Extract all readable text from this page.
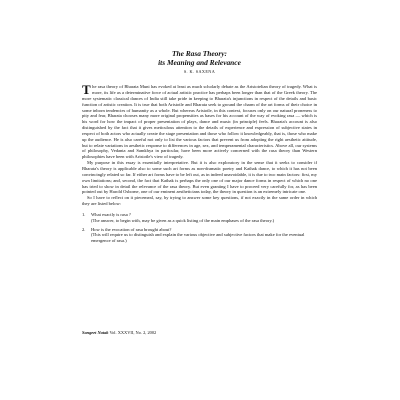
The Rasa Theory:
its Meaning and Relevance
S. K. SAXENA

The rasa theory of Bharata Muni has evoked at least as much scholarly debate as the Aristotelian theory of tragedy. What is more, its life as a determinative force of actual artistic practice has perhaps been longer than that of the Greek theory. The more systematic classical dances of India still take pride in keeping to Bharata's injunctions in respect of the details and basic function of artistic creation. It is true that both Aristotle and Bharata seek to ground the charm of the art forms of their choice in some inborn tendencies of humanity as a whole. But whereas Aristotle, in this context, focuses only on our natural proneness to pity and fear, Bharata chooses many more original propensities as bases for his account of the way of evoking rasa — which is his word for how the impact of proper presentation of plays, dance and music (in principle) feels. Bharata's account is also distinguished by the fact that it gives meticulous attention to the details of experience and expression of subjective states in respect of both actors who actually create the stage presentation and those who follow it knowledgeably, that is, those who make up the audience. He is also careful not only to list the various factors that prevent us from adopting the right aesthetic attitude, but to relate variations in aesthetic response to differences in age, sex, and temperamental characteristics. Above all, our systems of philosophy, Vedanta and Samkhya in particular, have been more actively concerned with the rasa theory than Western philosophies have been with Aristotle's view of tragedy.

My purpose in this essay is essentially interpretative. But it is also exploratory in the sense that it seeks to consider if Bharata's theory is applicable also to some such art forms as non-dramatic poetry and Kathak dance, to which it has not been convincingly related so far. If either art forms have to be left out, as in indeed unavoidable, it is due to two main factors: first, my own limitations; and, second, the fact that Kathak is perhaps the only one of our major dance forms in respect of which no one has tried to show in detail the relevance of the rasa theory. But even granting I have to proceed very carefully for, as has been pointed out by Harold Osborne, one of our eminent aestheticians today, the theory in question is an extremely intricate one.

So I have to reflect on it piecemeal, say, by trying to answer some key questions, if not exactly in the same order in which they are listed below:

1.	What exactly is rasa ?
(The answer, to begin with, may be given as a quick listing of the main emphases of the rasa theory.)
2.	How is the evocation of rasa brought about?
(This will require us to distinguish and explain the various objective and subjective factors that make for the eventual emergence of rasa.)
Sangeet Natak Vol. XXXVII, No. 2, 2002
